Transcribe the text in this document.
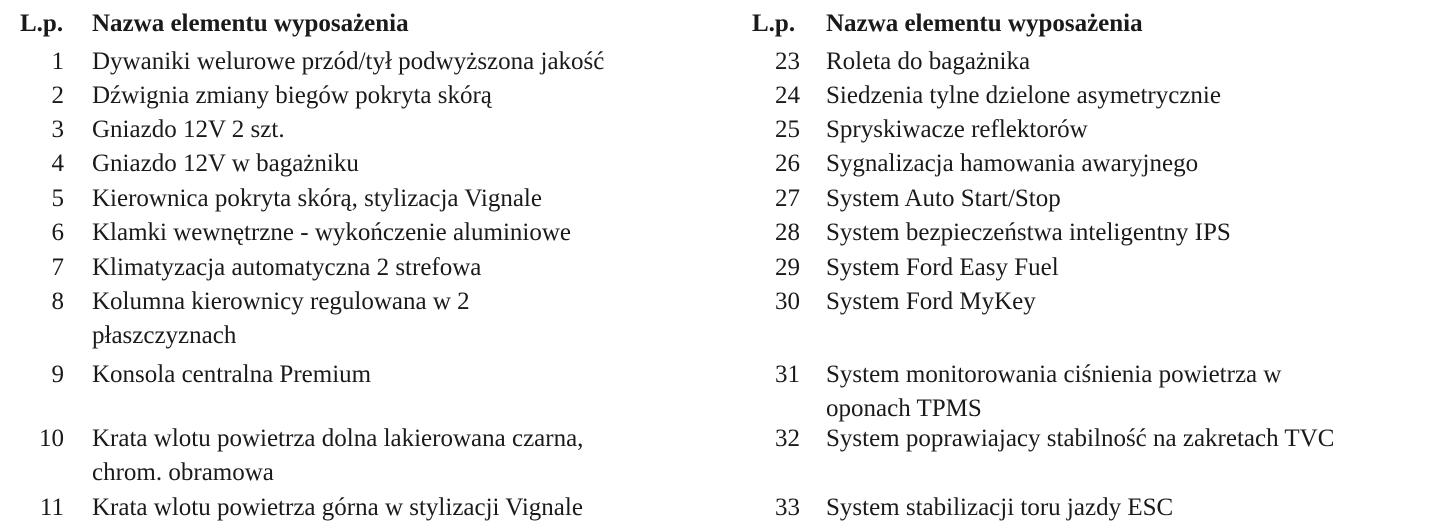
L.p. Nazwa elementu wyposażenia
1 Dywaniki welurowe przód/tył podwyższona jakość
2 Dźwignia zmiany biegów pokryta skórą
3 Gniazdo 12V 2 szt.
4 Gniazdo 12V w bagażniku
5 Kierownica pokryta skórą, stylizacja Vignale
6 Klamki wewnętrzne - wykończenie aluminiowe
7 Klimatyzacja automatyczna 2 strefowa
8 Kolumna kierownicy regulowana w 2
płaszczyznach
9 Konsola centralna Premium
10 Krata wlotu powietrza dolna lakierowana czarna,
chrom. obramowa
11 Krata wlotu powietrza górna w stylizacji Vignale
L.p. Nazwa elementu wyposażenia
23 Roleta do bagażnika
24 Siedzenia tylne dzielone asymetrycznie
25 Spryskiwacze reflektorów
26 Sygnalizacja hamowania awaryjnego
27 System Auto Start/Stop
28 System bezpieczeństwa inteligentny IPS
29 System Ford Easy Fuel
30 System Ford MyKey
31 System monitorowania ciśnienia powietrza w
oponach TPMS
32 System poprawiajacy stabilność na zakretach TVC
33 System stabilizacji toru jazdy ESC
